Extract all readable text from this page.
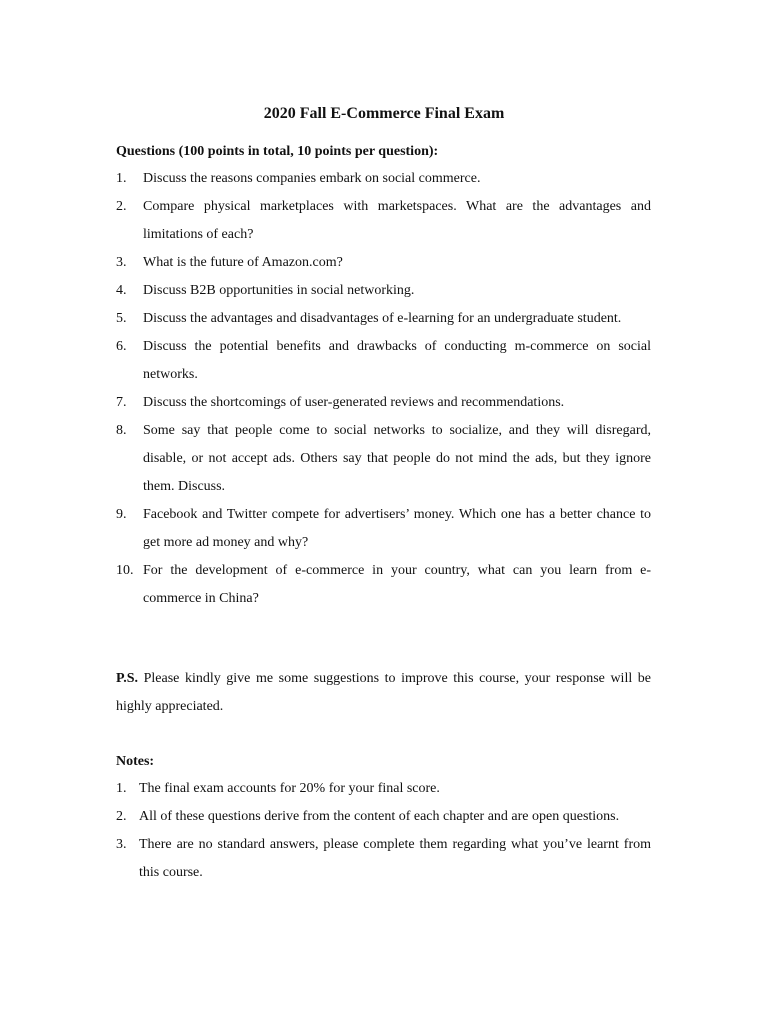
2020 Fall E-Commerce Final Exam
Questions (100 points in total, 10 points per question):
1. Discuss the reasons companies embark on social commerce.
2. Compare physical marketplaces with marketspaces. What are the advantages and limitations of each?
3. What is the future of Amazon.com?
4. Discuss B2B opportunities in social networking.
5. Discuss the advantages and disadvantages of e-learning for an undergraduate student.
6. Discuss the potential benefits and drawbacks of conducting m-commerce on social networks.
7. Discuss the shortcomings of user-generated reviews and recommendations.
8. Some say that people come to social networks to socialize, and they will disregard, disable, or not accept ads. Others say that people do not mind the ads, but they ignore them. Discuss.
9. Facebook and Twitter compete for advertisers’ money. Which one has a better chance to get more ad money and why?
10. For the development of e-commerce in your country, what can you learn from e-commerce in China?
P.S. Please kindly give me some suggestions to improve this course, your response will be highly appreciated.
Notes:
1. The final exam accounts for 20% for your final score.
2. All of these questions derive from the content of each chapter and are open questions.
3. There are no standard answers, please complete them regarding what you’ve learnt from this course.
